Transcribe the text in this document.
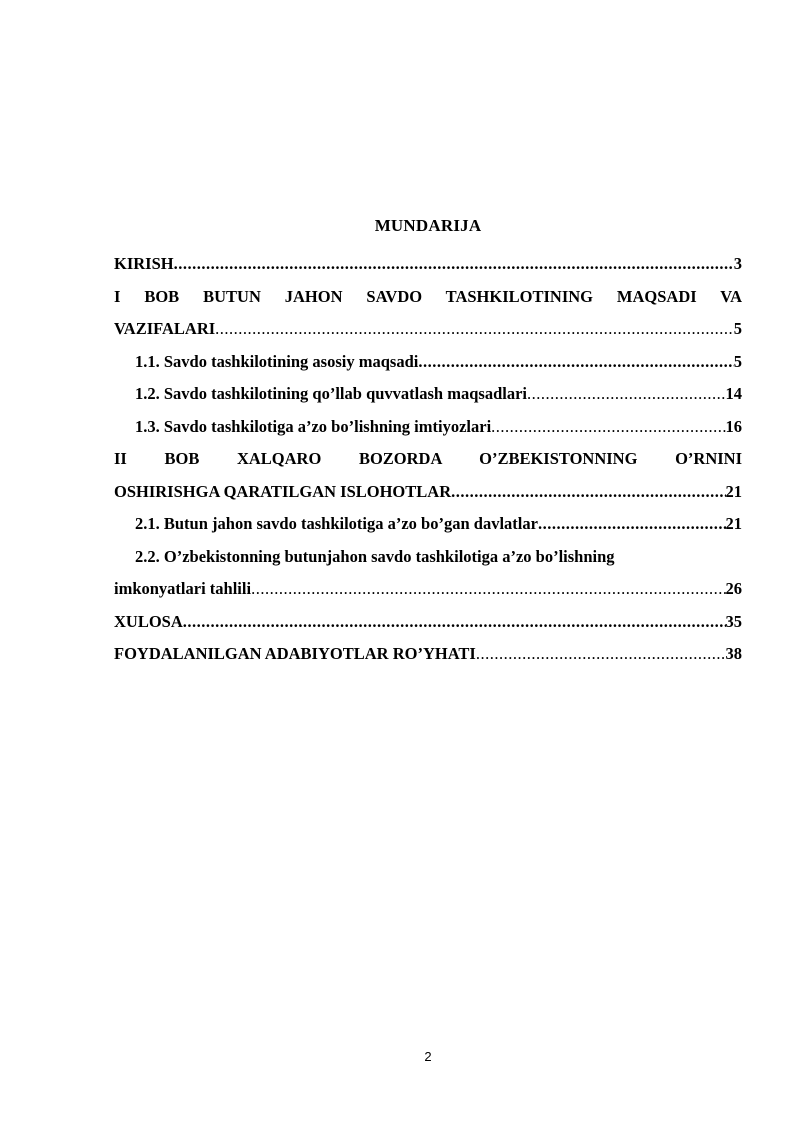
MUNDARIJA
KIRISH .....	3
I BOB BUTUN JAHON SAVDO TASHKILOTINING MAQSADI VA
VAZIFALARI .....	5
1.1. Savdo tashkilotining asosiy maqsadi .....	5
1.2. Savdo tashkilotining qo’llab quvvatlash maqsadlari .....	14
1.3. Savdo tashkilotiga a’zo bo’lishning imtiyozlari .....	16
II BOB XALQARO BOZORDA O’ZBEKISTONNING O’RNINI
OSHIRISHGA QARATILGAN ISLOHOTLAR .....	21
2.1. Butun jahon savdo tashkilotiga a’zo bo’gan davlatlar .....	21
2.2. O’zbekistonning butunjahon savdo tashkilotiga a’zo bo’lishning
imkonyatlari tahlili .....	26
XULOSA .....	35
FOYDALANILGAN ADABIYOTLAR RO’YHATI .....	38
2
